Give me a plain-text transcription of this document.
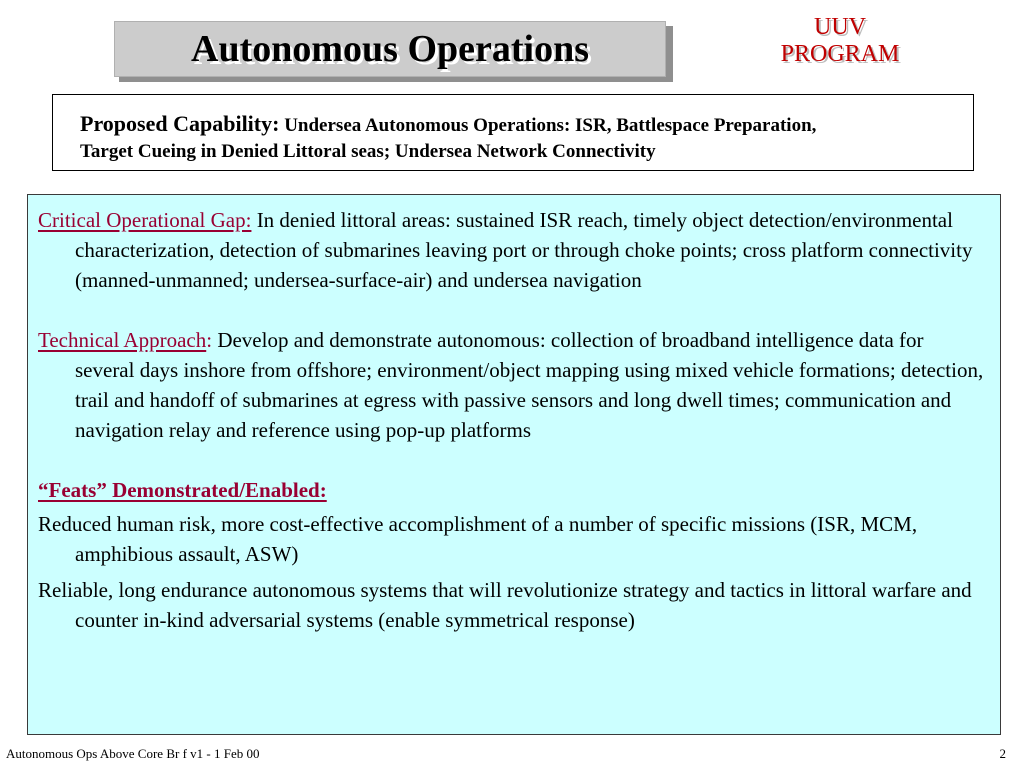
Autonomous Operations
UUV
PROGRAM
Proposed Capability: Undersea Autonomous Operations: ISR, Battlespace Preparation,
Target Cueing in Denied Littoral seas; Undersea Network Connectivity

Critical Operational Gap: In denied littoral areas: sustained ISR reach, timely object detection/environmental characterization, detection of submarines leaving port or through choke points; cross platform connectivity (manned-unmanned; undersea-surface-air) and undersea navigation

Technical Approach: Develop and demonstrate autonomous: collection of broadband intelligence data for several days inshore from offshore; environment/object mapping using mixed vehicle formations; detection, trail and handoff of submarines at egress with passive sensors and long dwell times; communication and navigation relay and reference using pop-up platforms

“Feats” Demonstrated/Enabled:

Reduced human risk, more cost-effective accomplishment of a number of specific missions (ISR, MCM, amphibious assault, ASW)

Reliable, long endurance autonomous systems that will revolutionize strategy and tactics in littoral warfare and counter in-kind adversarial systems (enable symmetrical response)

Autonomous Ops Above Core Br f v1 - 1 Feb 00	2
